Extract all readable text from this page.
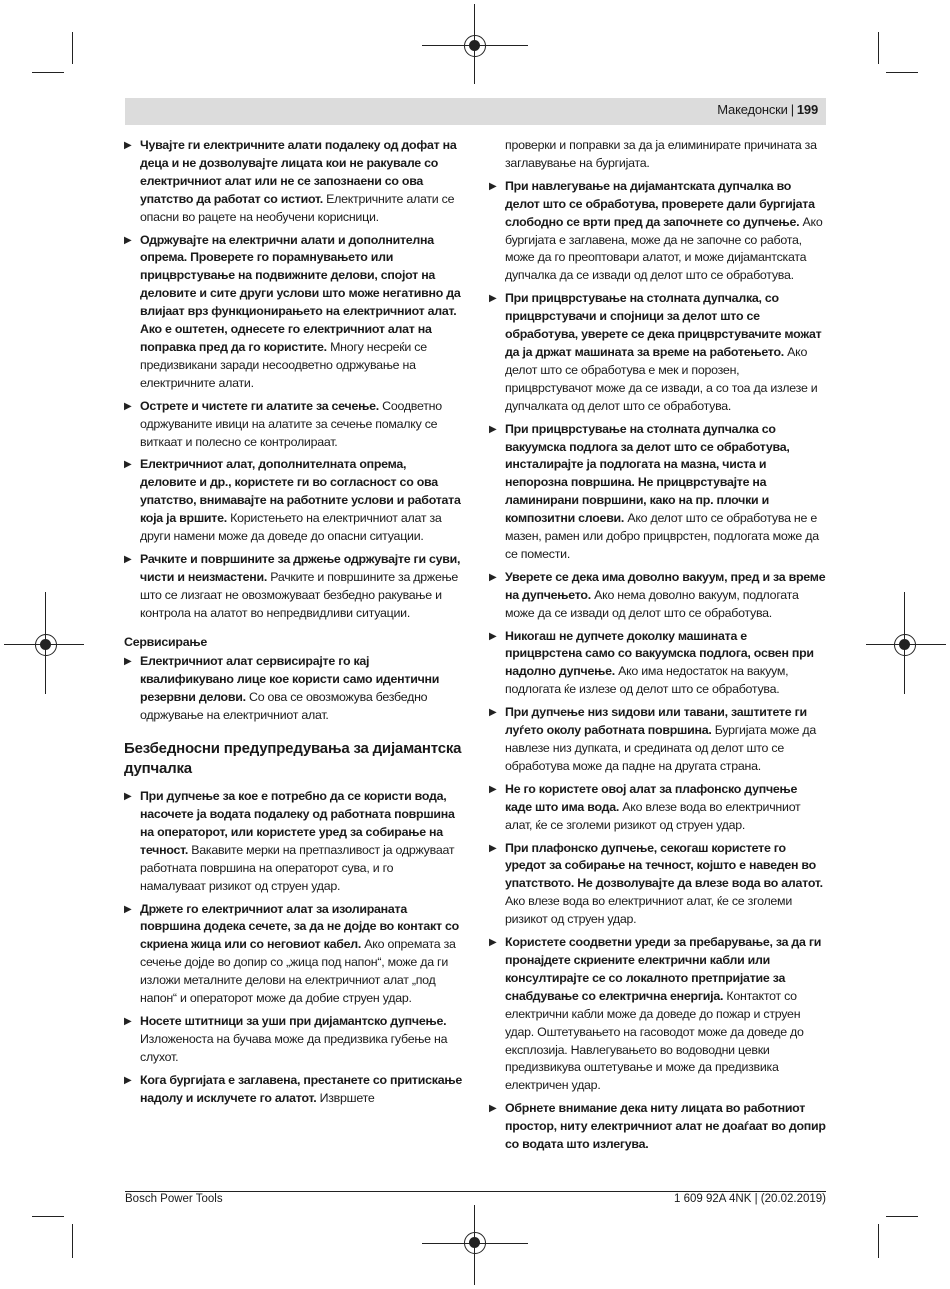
Македонски | 199
▶ Чувајте ги електричните алати подалеку од дофат на деца и не дозволувајте лицата кои не ракувале со електричниот алат или не се запознаени со ова упатство да работат со истиот. Електричните алати се опасни во рацете на необучени корисници.
▶ Одржувајте на електрични алати и дополнителна опрема. Проверете го порамнувањето или прицврстување на подвижните делови, спојот на деловите и сите други услови што може негативно да влијаат врз функционирањето на електричниот алат. Ако е оштетен, однесете го електричниот алат на поправка пред да го користите. Многу несреќи се предизвикани заради несоодветно одржување на електричните алати.
▶ Острете и чистете ги алатите за сечење. Соодветно одржуваните ивици на алатите за сечење помалку се виткаат и полесно се контролираат.
▶ Електричниот алат, дополнителната опрема, деловите и др., користете ги во согласност со ова упатство, внимавајте на работните услови и работата која ја вршите. Користењето на електричниот алат за други намени може да доведе до опасни ситуации.
▶ Рачките и површините за држење одржувајте ги суви, чисти и неизмастени. Рачките и површините за држење што се лизгаат не овозможуваат безбедно ракување и контрола на алатот во непредвидливи ситуации.
Сервисирање
▶ Електричниот алат сервисирајте го кај квалификувано лице кое користи само идентични резервни делови. Со ова се овозможува безбедно одржување на електричниот алат.
Безбедносни предупредувања за дијамантска дупчалка
▶ При дупчење за кое е потребно да се користи вода, насочете ја водата подалеку од работната површина на операторот, или користете уред за собирање на течност. Вакавите мерки на претпазливост ја одржуваат работната површина на операторот сува, и го намалуваат ризикот од струен удар.
▶ Држете го електричниот алат за изолираната површина додека сечете, за да не дојде во контакт со скриена жица или со неговиот кабел. Ако опремата за сечење дојде во допир со „жица под напон“, може да ги изложи металните делови на електричниот алат „под напон“ и операторот може да добие струен удар.
▶ Носете штитници за уши при дијамантско дупчење. Изложеноста на бучава може да предизвика губење на слухот.
▶ Кога бургијата е заглавена, престанете со притискање надолу и исклучете го алатот. Извршете
проверки и поправки за да ја елиминирате причината за заглавување на бургијата.
▶ При навлегување на дијамантската дупчалка во делот што се обработува, проверете дали бургијата слободно се врти пред да започнете со дупчење. Ако бургијата е заглавена, може да не започне со работа, може да го преоптовари алатот, и може дијамантската дупчалка да се извади од делот што се обработува.
▶ При прицврстување на столната дупчалка, со прицврстувачи и спојници за делот што се обработува, уверете се дека прицврстувачите можат да ја држат машината за време на работењето. Ако делот што се обработува е мек и порозен, прицврстувачот може да се извади, а со тоа да излезе и дупчалката од делот што се обработува.
▶ При прицврстување на столната дупчалка со вакуумска подлога за делот што се обработува, инсталирајте ја подлогата на мазна, чиста и непорозна површина. Не прицврстувајте на ламинирани површини, како на пр. плочки и композитни слоеви. Ако делот што се обработува не е мазен, рамен или добро прицврстен, подлогата може да се помести.
▶ Уверете се дека има доволно вакуум, пред и за време на дупчењето. Ако нема доволно вакуум, подлогата може да се извади од делот што се обработува.
▶ Никогаш не дупчете доколку машината е прицврстена само со вакуумска подлога, освен при надолно дупчење. Ако има недостаток на вакуум, подлогата ќе излезе од делот што се обработува.
▶ При дупчење низ ѕидови или тавани, заштитете ги луѓето околу работната површина. Бургијата може да навлезе низ дупката, и средината од делот што се обработува може да падне на другата страна.
▶ Не го користете овој алат за плафонско дупчење каде што има вода. Ако влезе вода во електричниот алат, ќе се зголеми ризикот од струен удар.
▶ При плафонско дупчење, секогаш користете го уредот за собирање на течност, којшто е наведен во упатството. Не дозволувајте да влезе вода во алатот. Ако влезе вода во електричниот алат, ќе се зголеми ризикот од струен удар.
▶ Користете соодветни уреди за пребарување, за да ги пронајдете скриените електрични кабли или консултирајте се со локалното претпријатие за снабдување со електрична енергија. Контактот со електрични кабли може да доведе до пожар и струен удар. Оштетувањето на гасоводот може да доведе до експлозија. Навлегувањето во водоводни цевки предизвикува оштетување и може да предизвика електричен удар.
▶ Обрнете внимание дека ниту лицата во работниот простор, ниту електричниот алат не доаѓаат во допир со водата што излегува.
Bosch Power Tools	1 609 92A 4NK | (20.02.2019)
